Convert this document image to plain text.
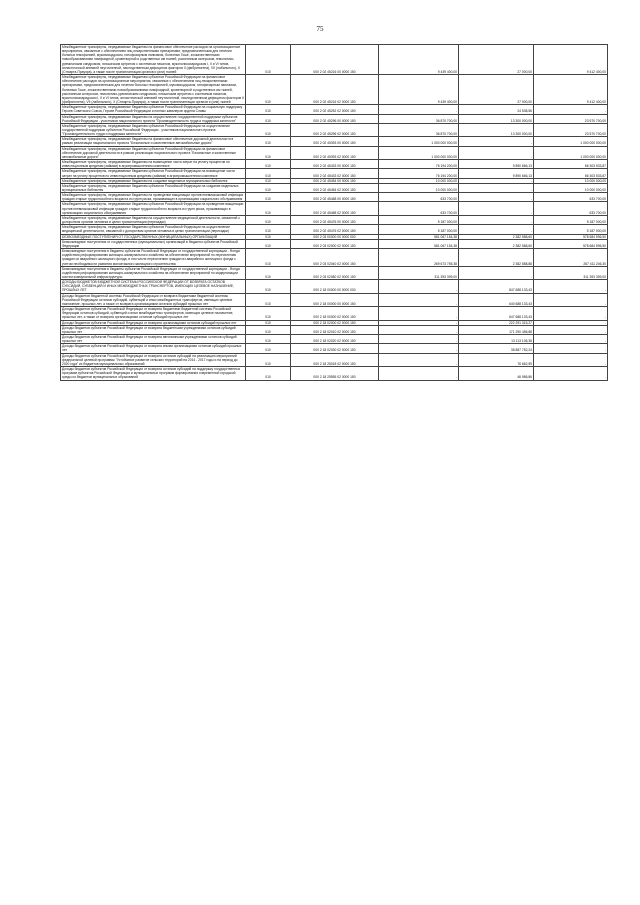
75
Межбюджетные трансферты, передаваемые бюджетам на финансовое обеспечение расходов на организационные мероприятия, связанные с обеспечением лиц лекарственными препаратами, предназначенными для лечения больных гемофилией, муковисцидозом, гипофизарным нанизмом, болезнью Гоше, злокачественными новообразованиями лимфоидной, кроветворной и родственных им тканей, рассеянным склерозом, гемолитико-уремическим синдромом, юношеским артритом с системным началом, мукополисахаридозом I, II и VI типов, апластической анемией неуточненной, наследственным дефицитом факторов II (фибриногена), VII (лабильного), X (Стюарта-Прауэра), а также после трансплантации органов и (или) тканей	010	000 2 02 45216 00 0000 150	9 439 400,00	27 000,00	9 412 400,00
Межбюджетные трансферты, передаваемые бюджетам субъектов Российской Федерации на финансовое обеспечение расходов на организационные мероприятия, связанные с обеспечением лиц лекарственными препаратами, предназначенными для лечения больных гемофилией, муковисцидозом, гипофизарным нанизмом, болезнью Гоше, злокачественными новообразованиями лимфоидной, кроветворной и родственных им тканей, рассеянным склерозом, гемолитико-уремическим синдромом, юношеским артритом с системным началом, мукополисахаридозом I, II и VI типов, апластической анемией неуточненной, наследственным дефицитом факторов II (фибриногена), VII (лабильного), X (Стюарта-Прауэра), а также после трансплантации органов и (или) тканей	010	000 2 02 45216 02 0000 150	9 439 400,00	27 000,00	9 412 400,00
Межбюджетные трансферты, передаваемые бюджетам субъектов Российской Федерации на социальную поддержку Героев Советского Союза, Героев Российской Федерации и полных кавалеров ордена Славы	010	000 2 02 45252 02 0000 150	-	24 538,56	-
Межбюджетные трансферты, передаваемые бюджетам на осуществление государственной поддержки субъектов Российской Федерации - участников национального проекта "Производительность труда и поддержка занятости"	010	000 2 02 45296 00 0000 150	36 870 700,00	13 300 000,00	23 570 700,00
Межбюджетные трансферты, передаваемые бюджетам субъектов Российской Федерации на осуществление государственной поддержки субъектов Российской Федерации - участников национального проекта "Производительность труда и поддержка занятости"	010	000 2 02 45296 02 0000 150	36 870 700,00	13 300 000,00	23 570 700,00
Межбюджетные трансферты, передаваемые бюджетам на финансовое обеспечение дорожной деятельности в рамках реализации национального проекта "Безопасные и качественные автомобильные дороги"	010	000 2 02 45393 00 0000 150	1 000 000 000,00	-	1 000 000 000,00
Межбюджетные трансферты, передаваемые бюджетам субъектов Российской Федерации на финансовое обеспечение дорожной деятельности в рамках реализации национального проекта "Безопасные и качественные автомобильные дороги"	010	000 2 02 45393 02 0000 150	1 000 000 000,00	-	1 000 000 000,00
Межбюджетные трансферты, передаваемые бюджетам на возмещение части затрат на уплату процентов по инвестиционным кредитам (займам) в агропромышленном комплексе	010	000 2 02 45433 00 0000 150	76 194 200,00	9 890 666,13	66 303 533,87
Межбюджетные трансферты, передаваемые бюджетам субъектов Российской Федерации на возмещение части затрат на уплату процентов по инвестиционным кредитам (займам) в агропромышленном комплексе	010	000 2 02 45433 02 0000 150	76 194 200,00	9 890 666,13	66 303 533,87
Межбюджетные трансферты, передаваемые бюджетам на создание модельных муниципальных библиотек	010	000 2 02 45454 00 0000 150	10 000 000,00	-	10 000 000,00
Межбюджетные трансферты, передаваемые бюджетам субъектов Российской Федерации на создание модельных муниципальных библиотек	010	000 2 02 45454 02 0000 150	10 000 000,00	-	10 000 000,00
Межбюджетные трансферты, передаваемые бюджетам на проведение вакцинации против пневмококковой инфекции граждан старше трудоспособного возраста из групп риска, проживающих в организациях социального обслуживания	010	000 2 02 45468 00 0000 150	633 700,00	-	633 700,00
Межбюджетные трансферты, передаваемые бюджетам субъектов Российской Федерации на проведение вакцинации против пневмококковой инфекции граждан старше трудоспособного возраста из групп риска, проживающих в организациях социального обслуживания	010	000 2 02 45468 02 0000 150	633 700,00	-	633 700,00
Межбюджетные трансферты, передаваемые бюджетам на осуществление медицинской деятельности, связанной с донорством органов человека в целях трансплантации (пересадки)	010	000 2 02 45476 00 0000 150	5 187 000,00	-	5 187 000,00
Межбюджетные трансферты, передаваемые бюджетам субъектов Российской Федерации на осуществление медицинской деятельности, связанной с донорством органов человека в целях трансплантации (пересадки)	010	000 2 02 45476 02 0000 150	5 187 000,00	-	5 187 000,00
БЕЗВОЗМЕЗДНЫЕ ПОСТУПЛЕНИЯ ОТ ГОСУДАРСТВЕННЫХ (МУНИЦИПАЛЬНЫХ) ОРГАНИЗАЦИЙ	010	000 2 03 00000 00 0000 000	581 067 154,38	2 382 588,60	578 684 596,50
Безвозмездные поступления от государственных (муниципальных) организаций в бюджеты субъектов Российской Федерации	010	000 2 03 02000 02 0000 150	581 067 154,38	2 382 588,60	578 684 596,50
Безвозмездные поступления в бюджеты субъектов Российской Федерации от государственной корпорации - Фонда содействия реформированию жилищно-коммунального хозяйства на обеспечение мероприятий по переселению граждан из аварийного жилищного фонда, в том числе переселению граждан из аварийного жилищного фонда с учетом необходимости развития малоэтажного жилищного строительства	010	000 2 03 02040 02 0000 150	269 673 755,38	2 382 588,88	267 411 246,30
Безвозмездные поступления в бюджеты субъектов Российской Федерации от государственной корпорации - Фонда содействия реформированию жилищно-коммунального хозяйства на обеспечение мероприятий по модернизации систем коммунальной инфраструктуры	010	000 2 03 02080 02 0000 150	311 393 399,00	-	311 393 399,00
ДОХОДЫ БЮДЖЕТОВ БЮДЖЕТНОЙ СИСТЕМЫ РОССИЙСКОЙ ФЕДЕРАЦИИ ОТ ВОЗВРАТА ОСТАТКОВ СУБСИДИЙ, СУБВЕНЦИЙ И ИНЫХ МЕЖБЮДЖЕТНЫХ ТРАНСФЕРТОВ, ИМЕЮЩИХ ЦЕЛЕВОЕ НАЗНАЧЕНИЕ, ПРОШЛЫХ ЛЕТ	010	000 2 18 00000 00 0000 000	-	847 688 133,43	-
Доходы бюджетов бюджетной системы Российской Федерации от возврата бюджетами бюджетной системы Российской Федерации остатков субсидий, субвенций и иных межбюджетных трансфертов, имеющих целевое назначение, прошлых лет, а также от возврата организациями остатков субсидий прошлых лет	010	000 2 18 00000 00 0000 150	-	640 688 133,43	-
Доходы бюджетов субъектов Российской Федерации от возврата бюджетами бюджетной системы Российской Федерации остатков субсидий, субвенций и иных межбюджетных трансфертов, имеющих целевое назначение, прошлых лет, а также от возврата организациями остатков субсидий прошлых лет	010	000 2 18 00000 02 0000 150	-	647 688 133,43	-
Доходы бюджетов субъектов Российской Федерации от возврата организациями остатков субсидий прошлых лет	010	000 2 18 02000 02 0000 150	-	222 291 315,27	-
Доходы бюджетов субъектов Российской Федерации от возврата бюджетными учреждениями остатков субсидий прошлых лет	010	000 2 18 02010 02 0000 150	-	171 290 456,88	-
Доходы бюджетов субъектов Российской Федерации от возврата автономными учреждениями остатков субсидий прошлых лет	010	000 2 18 02020 02 0000 150	-	13 113 106,35	-
Доходы бюджетов субъектов Российской Федерации от возврата иными организациями остатков субсидий прошлых лет	010	000 2 18 02030 02 0000 150	-	38 887 752,24	-
Доходы бюджетов субъектов Российской Федерации от возврата остатков субсидий на реализацию мероприятий федеральной целевой программы "Устойчивое развитие сельских территорий на 2014 - 2017 годы и на период до 2020 года" из бюджетов муниципальных образований	010	000 2 18 25018 02 0000 150	-	76 662,59	-
Доходы бюджетов субъектов Российской Федерации от возврата остатков субсидий на поддержку государственных программ субъектов Российской Федерации и муниципальных программ формирования современной городской среды из бюджетов муниципальных образований	010	000 2 18 25555 02 0000 150	-	46 986,86	-
